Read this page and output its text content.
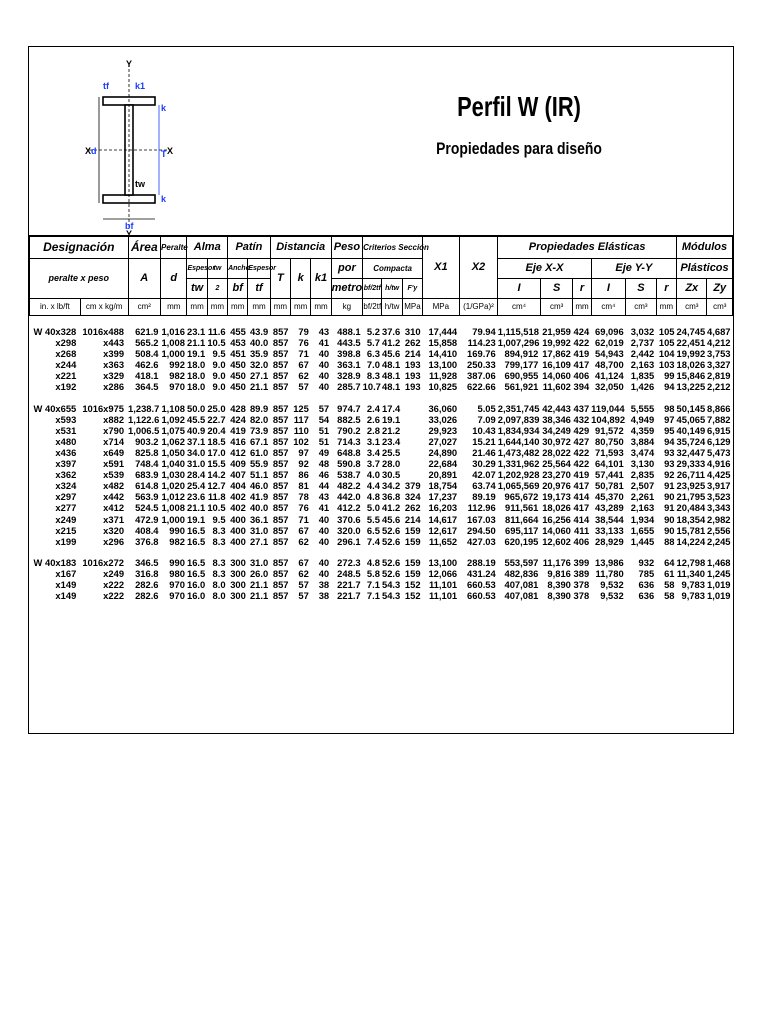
Y
Y
X	X
tf	k1
k
d	T
tw
k
bf
Perfil W (IR)
Propiedades para diseño
Designación		Área	Peralte	Alma		Patín		Distancia			Peso	Criterios Sección			X1	X2	Propiedades Elásticas						Módulos	
peralte x peso		A	d	Espesor	tw	Ancho	Espesor	T	k	k1	por	Compacta					Eje X-X			Eje Y-Y			Plásticos	
				tw	2	bf	tf				metro	bf/2tf	h/tw	F'y			I	S	r	I	S	r	Zx	Zy
in. x lb/ft	cm x kg/m	cm²	mm	mm	mm	mm	mm	mm	mm	mm	kg	bf/2tf	h/tw	MPa	MPa	(1/GPa)²	cm⁴	cm³	mm	cm⁴	cm³	mm	cm³	cm³

W 40x328	1016x488	621.9	1,016	23.1	11.6	455	43.9	857	79	43	488.1	5.2	37.6	310	17,444	79.94	1,115,518	21,959	424	69,096	3,032	105	24,745	4,687
x298	x443	565.2	1,008	21.1	10.5	453	40.0	857	76	41	443.5	5.7	41.2	262	15,858	114.23	1,007,296	19,992	422	62,019	2,737	105	22,451	4,212
x268	x399	508.4	1,000	19.1	9.5	451	35.9	857	71	40	398.8	6.3	45.6	214	14,410	169.76	894,912	17,862	419	54,943	2,442	104	19,992	3,753
x244	x363	462.6	992	18.0	9.0	450	32.0	857	67	40	363.1	7.0	48.1	193	13,100	250.33	799,177	16,109	417	48,700	2,163	103	18,026	3,327
x221	x329	418.1	982	18.0	9.0	450	27.1	857	62	40	328.9	8.3	48.1	193	11,928	387.06	690,955	14,060	406	41,124	1,835	99	15,846	2,819
x192	x286	364.5	970	18.0	9.0	450	21.1	857	57	40	285.7	10.7	48.1	193	10,825	622.66	561,921	11,602	394	32,050	1,426	94	13,225	2,212

W 40x655	1016x975	1,238.7	1,108	50.0	25.0	428	89.9	857	125	57	974.7	2.4	17.4		36,060	5.05	2,351,745	42,443	437	119,044	5,555	98	50,145	8,866
x593	x882	1,122.6	1,092	45.5	22.7	424	82.0	857	117	54	882.5	2.6	19.1		33,026	7.09	2,097,839	38,346	432	104,892	4,949	97	45,065	7,882
x531	x790	1,006.5	1,075	40.9	20.4	419	73.9	857	110	51	790.2	2.8	21.2		29,923	10.43	1,834,934	34,249	429	91,572	4,359	95	40,149	6,915
x480	x714	903.2	1,062	37.1	18.5	416	67.1	857	102	51	714.3	3.1	23.4		27,027	15.21	1,644,140	30,972	427	80,750	3,884	94	35,724	6,129
x436	x649	825.8	1,050	34.0	17.0	412	61.0	857	97	49	648.8	3.4	25.5		24,890	21.46	1,473,482	28,022	422	71,593	3,474	93	32,447	5,473
x397	x591	748.4	1,040	31.0	15.5	409	55.9	857	92	48	590.8	3.7	28.0		22,684	30.29	1,331,962	25,564	422	64,101	3,130	93	29,333	4,916
x362	x539	683.9	1,030	28.4	14.2	407	51.1	857	86	46	538.7	4.0	30.5		20,891	42.07	1,202,928	23,270	419	57,441	2,835	92	26,711	4,425
x324	x482	614.8	1,020	25.4	12.7	404	46.0	857	81	44	482.2	4.4	34.2	379	18,754	63.74	1,065,569	20,976	417	50,781	2,507	91	23,925	3,917
x297	x442	563.9	1,012	23.6	11.8	402	41.9	857	78	43	442.0	4.8	36.8	324	17,237	89.19	965,672	19,173	414	45,370	2,261	90	21,795	3,523
x277	x412	524.5	1,008	21.1	10.5	402	40.0	857	76	41	412.2	5.0	41.2	262	16,203	112.96	911,561	18,026	417	43,289	2,163	91	20,484	3,343
x249	x371	472.9	1,000	19.1	9.5	400	36.1	857	71	40	370.6	5.5	45.6	214	14,617	167.03	811,664	16,256	414	38,544	1,934	90	18,354	2,982
x215	x320	408.4	990	16.5	8.3	400	31.0	857	67	40	320.0	6.5	52.6	159	12,617	294.50	695,117	14,060	411	33,133	1,655	90	15,781	2,556
x199	x296	376.8	982	16.5	8.3	400	27.1	857	62	40	296.1	7.4	52.6	159	11,652	427.03	620,195	12,602	406	28,929	1,445	88	14,224	2,245

W 40x183	1016x272	346.5	990	16.5	8.3	300	31.0	857	67	40	272.3	4.8	52.6	159	13,100	288.19	553,597	11,176	399	13,986	932	64	12,798	1,468
x167	x249	316.8	980	16.5	8.3	300	26.0	857	62	40	248.5	5.8	52.6	159	12,066	431.24	482,836	9,816	389	11,780	785	61	11,340	1,245
x149	x222	282.6	970	16.0	8.0	300	21.1	857	57	38	221.7	7.1	54.3	152	11,101	660.53	407,081	8,390	378	9,532	636	58	9,783	1,019
x149	x222	282.6	970	16.0	8.0	300	21.1	857	57	38	221.7	7.1	54.3	152	11,101	660.53	407,081	8,390	378	9,532	636	58	9,783	1,019
